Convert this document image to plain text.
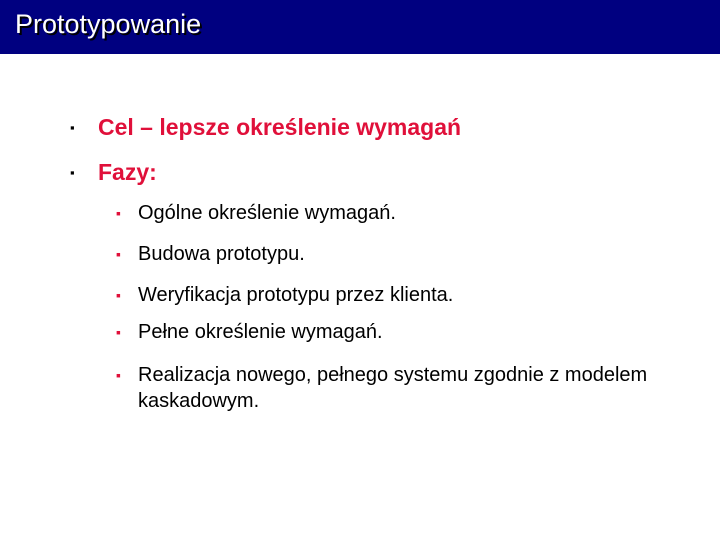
Prototypowanie
▪	Cel – lepsze określenie wymagań
▪	Fazy:
▪ Ogólne określenie wymagań.
▪ Budowa prototypu.
▪ Weryfikacja prototypu przez klienta.
▪ Pełne określenie wymagań.
▪ Realizacja nowego, pełnego systemu zgodnie z modelem kaskadowym.
